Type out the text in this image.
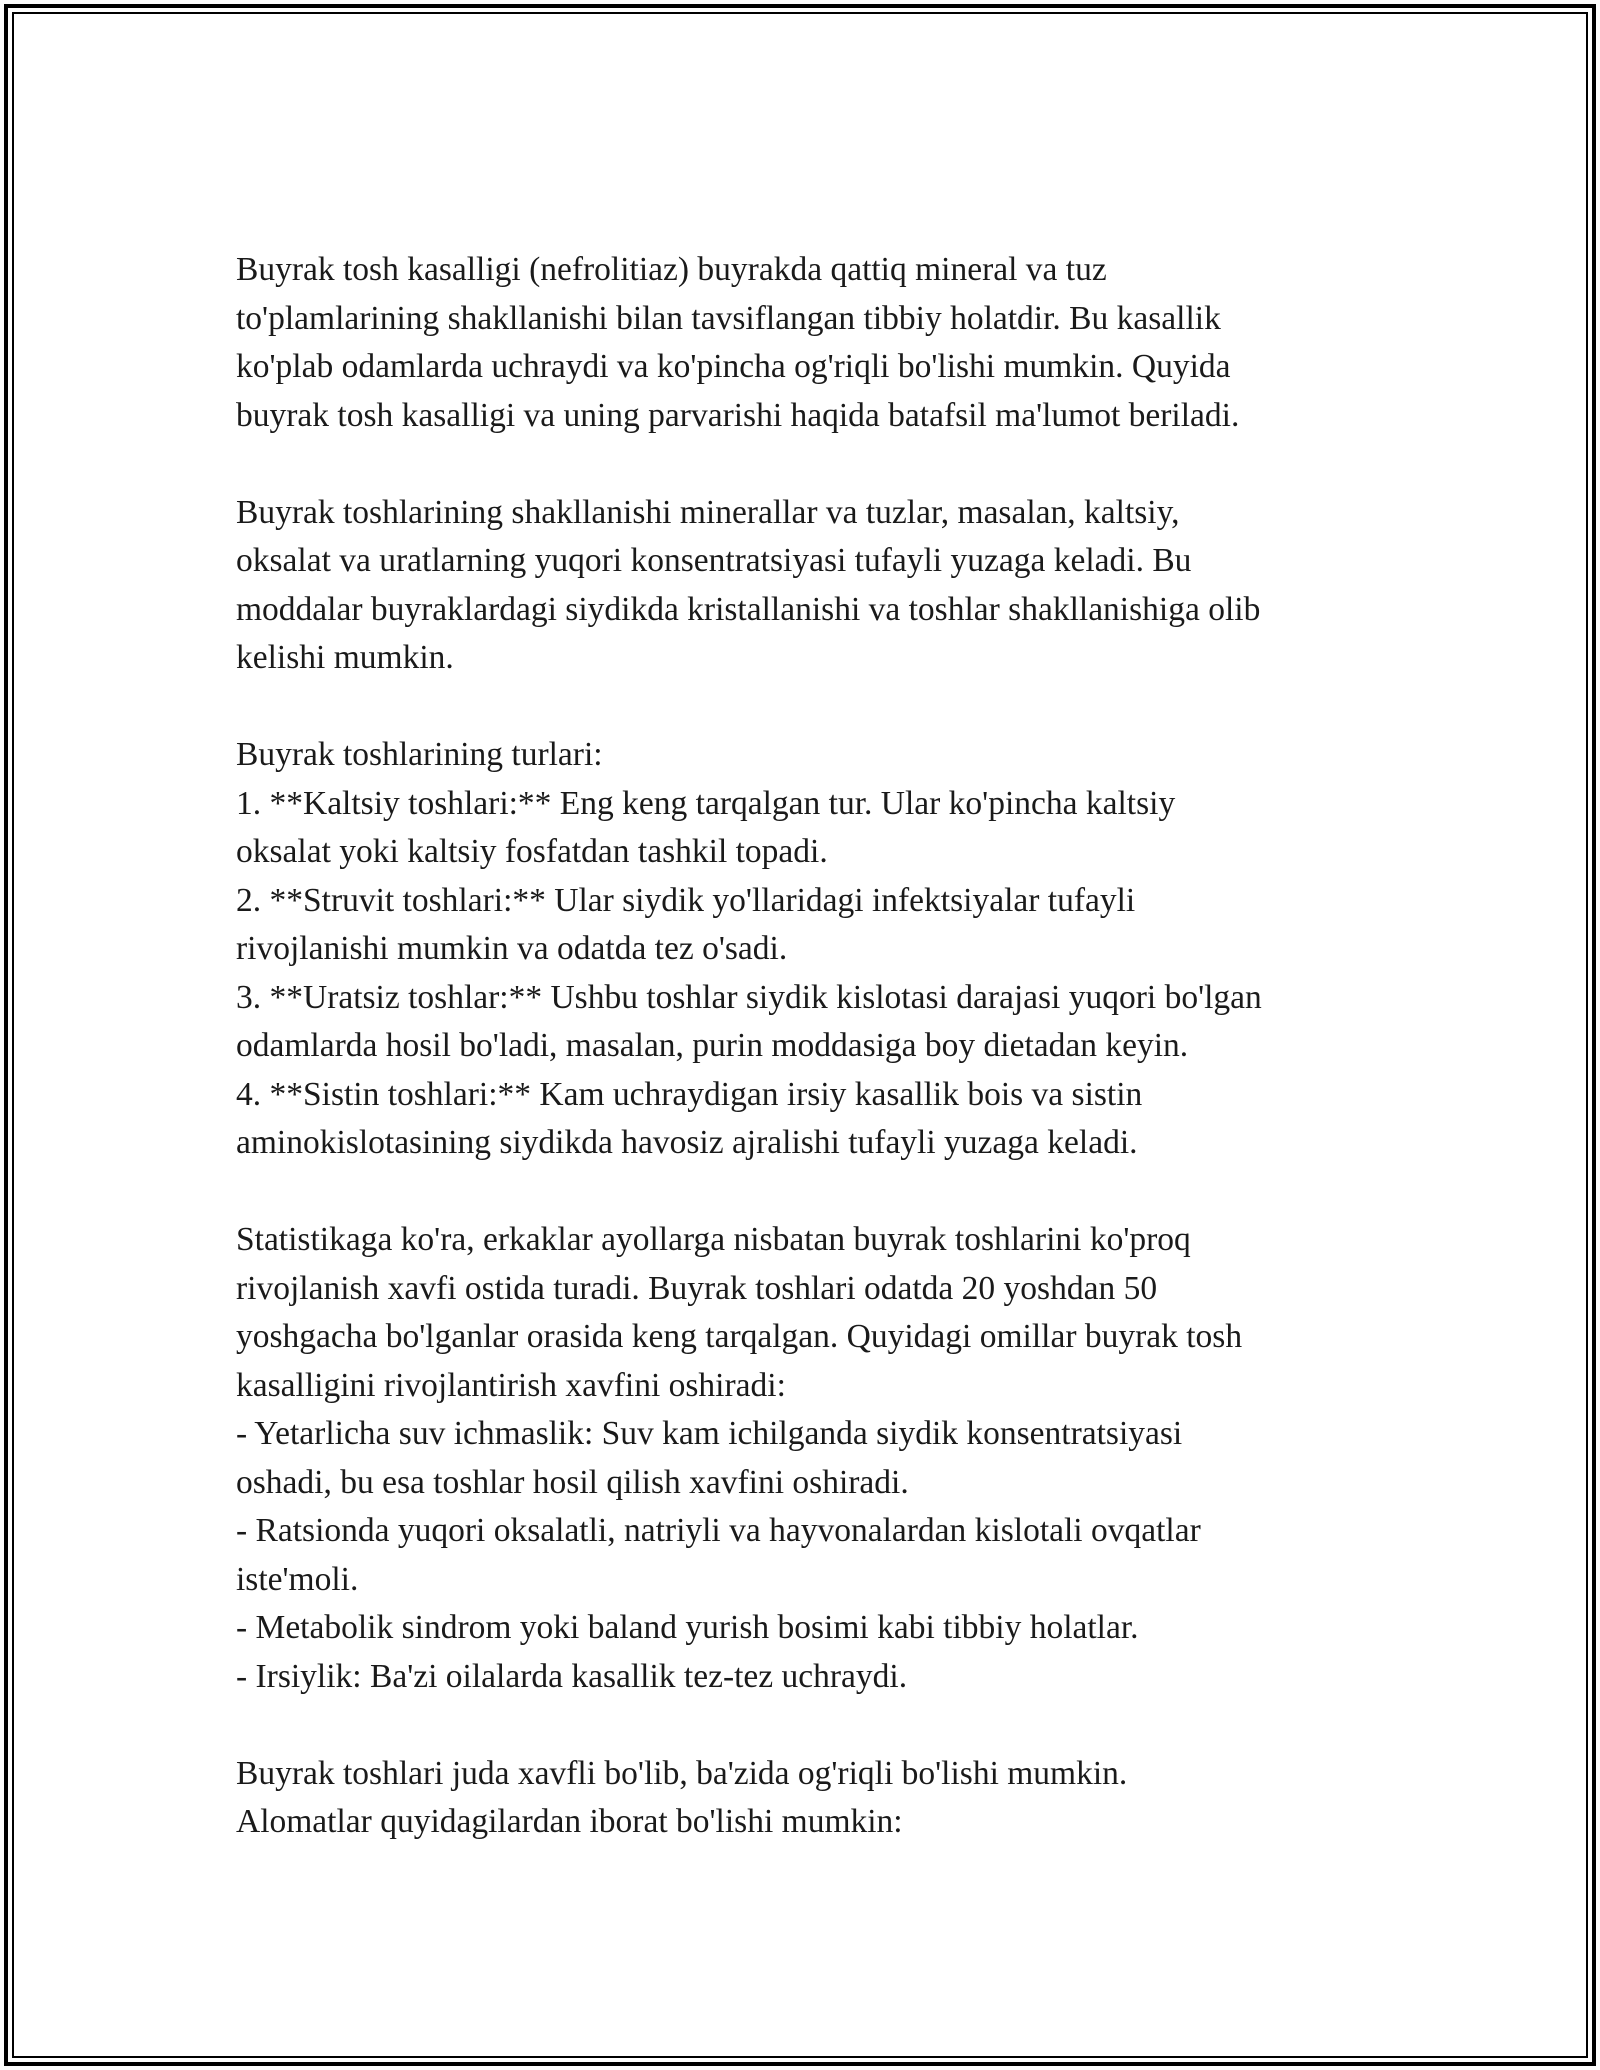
Buyrak tosh kasalligi (nefrolitiaz) buyrakda qattiq mineral va tuz
to'plamlarining shakllanishi bilan tavsiflangan tibbiy holatdir. Bu kasallik
ko'plab odamlarda uchraydi va ko'pincha og'riqli bo'lishi mumkin. Quyida
buyrak tosh kasalligi va uning parvarishi haqida batafsil ma'lumot beriladi.

Buyrak toshlarining shakllanishi minerallar va tuzlar, masalan, kaltsiy,
oksalat va uratlarning yuqori konsentratsiyasi tufayli yuzaga keladi. Bu
moddalar buyraklardagi siydikda kristallanishi va toshlar shakllanishiga olib
kelishi mumkin.

Buyrak toshlarining turlari:
1. **Kaltsiy toshlari:** Eng keng tarqalgan tur. Ular ko'pincha kaltsiy
oksalat yoki kaltsiy fosfatdan tashkil topadi.
2. **Struvit toshlari:** Ular siydik yo'llaridagi infektsiyalar tufayli
rivojlanishi mumkin va odatda tez o'sadi.
3. **Uratsiz toshlar:** Ushbu toshlar siydik kislotasi darajasi yuqori bo'lgan
odamlarda hosil bo'ladi, masalan, purin moddasiga boy dietadan keyin.
4. **Sistin toshlari:** Kam uchraydigan irsiy kasallik bois va sistin
aminokislotasining siydikda havosiz ajralishi tufayli yuzaga keladi.

Statistikaga ko'ra, erkaklar ayollarga nisbatan buyrak toshlarini ko'proq
rivojlanish xavfi ostida turadi. Buyrak toshlari odatda 20 yoshdan 50
yoshgacha bo'lganlar orasida keng tarqalgan. Quyidagi omillar buyrak tosh
kasalligini rivojlantirish xavfini oshiradi:
- Yetarlicha suv ichmaslik: Suv kam ichilganda siydik konsentratsiyasi
oshadi, bu esa toshlar hosil qilish xavfini oshiradi.
- Ratsionda yuqori oksalatli, natriyli va hayvonalardan kislotali ovqatlar
iste'moli.
- Metabolik sindrom yoki baland yurish bosimi kabi tibbiy holatlar.
- Irsiylik: Ba'zi oilalarda kasallik tez-tez uchraydi.

Buyrak toshlari juda xavfli bo'lib, ba'zida og'riqli bo'lishi mumkin.
Alomatlar quyidagilardan iborat bo'lishi mumkin:
